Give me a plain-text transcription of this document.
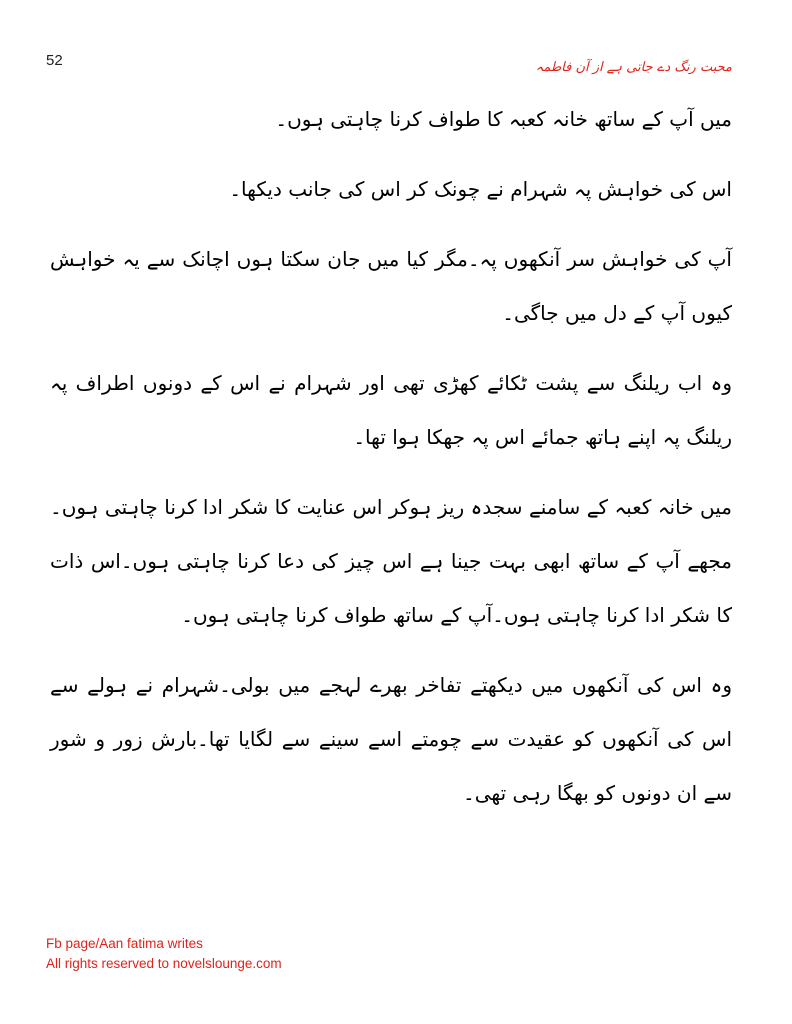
52	محبت رنگ دے جاتی ہے از آن فاطمہ

میں آپ کے ساتھ خانہ کعبہ کا طواف کرنا چاہتی ہوں۔

اس کی خواہش پہ شہرام نے چونک کر اس کی جانب دیکھا۔

آپ کی خواہش سر آنکھوں پہ۔مگر کیا میں جان سکتا ہوں اچانک سے یہ خواہش کیوں آپ کے دل میں جاگی۔

وہ اب ریلنگ سے پشت ٹکائے کھڑی تھی اور شہرام نے اس کے دونوں اطراف پہ ریلنگ پہ اپنے ہاتھ جمائے اس پہ جھکا ہوا تھا۔

میں خانہ کعبہ کے سامنے سجدہ ریز ہوکر اس عنایت کا شکر ادا کرنا چاہتی ہوں۔مجھے آپ کے ساتھ ابھی بہت جینا ہے اس چیز کی دعا کرنا چاہتی ہوں۔اس ذات کا شکر ادا کرنا چاہتی ہوں۔آپ کے ساتھ طواف کرنا چاہتی ہوں۔

وہ اس کی آنکھوں میں دیکھتے تفاخر بھرے لہجے میں بولی۔شہرام نے ہولے سے اس کی آنکھوں کو عقیدت سے چومتے اسے سینے سے لگایا تھا۔بارش زور و شور سے ان دونوں کو بھگا رہی تھی۔

Fb page/Aan fatima writes
All rights reserved to novelslounge.com
